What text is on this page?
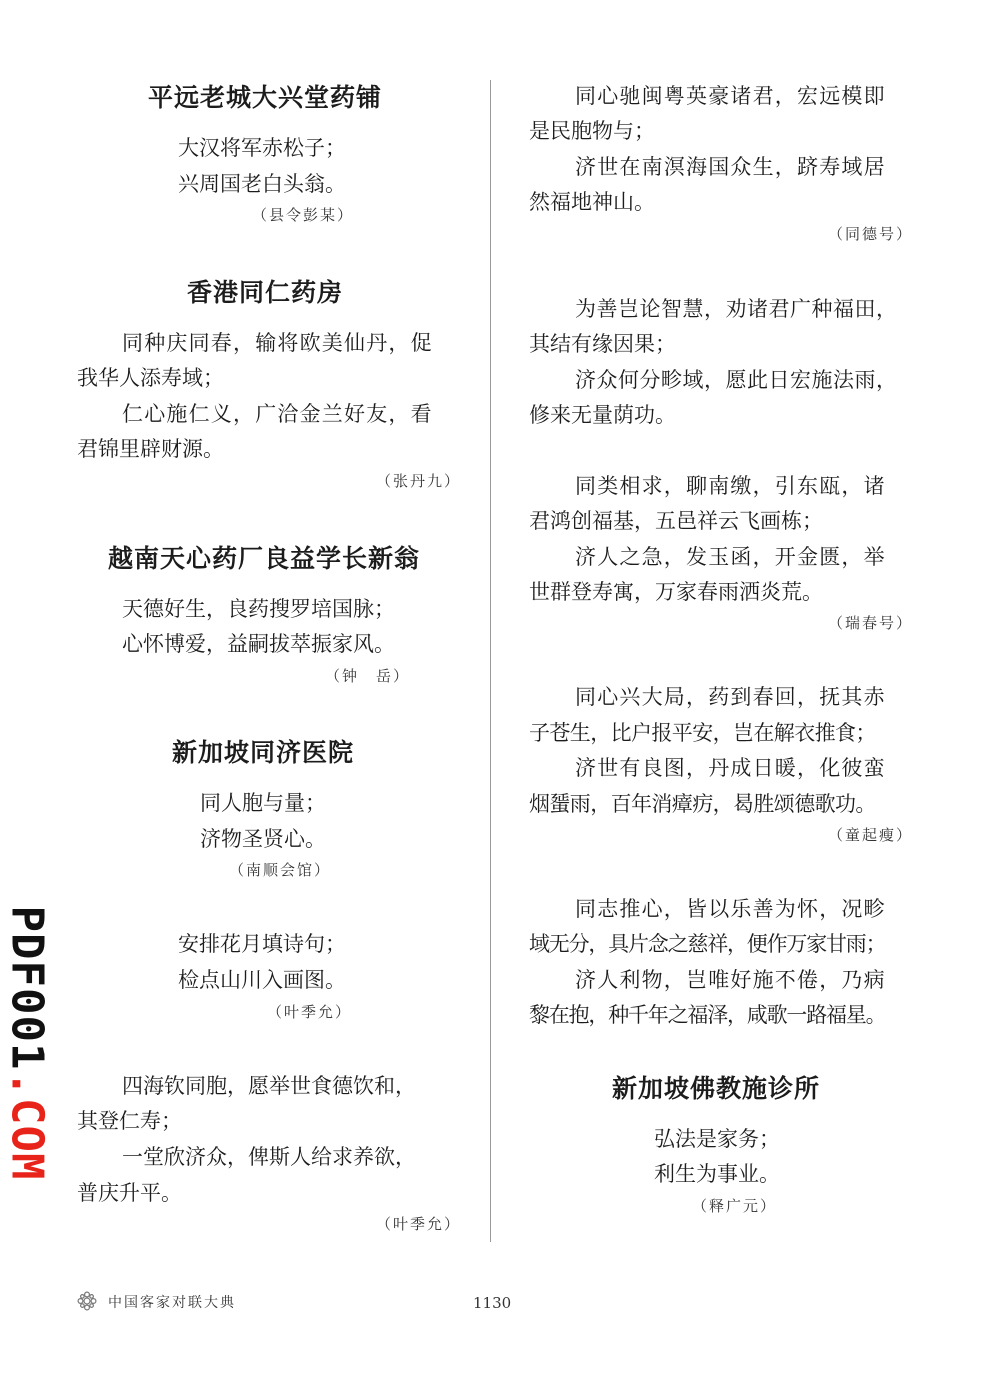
平远老城大兴堂药铺
大汉将军赤松子；
兴周国老白头翁。
（县令彭某）
香港同仁药房
同种庆同春，输将欧美仙丹，促
我华人添寿域；
仁心施仁义，广洽金兰好友，看
君锦里辟财源。
（张丹九）
越南天心药厂良益学长新翁
天德好生，良药搜罗培国脉；
心怀博爱，益嗣拔萃振家风。
（钟　岳）
新加坡同济医院
同人胞与量；
济物圣贤心。
（南顺会馆）
安排花月填诗句；
检点山川入画图。
（叶季允）
四海钦同胞，愿举世食德饮和，
其登仁寿；
一堂欣济众，俾斯人给求养欲，
普庆升平。
（叶季允）
同心驰闽粤英豪诸君，宏远模即
是民胞物与；
济世在南溟海国众生，跻寿域居
然福地神山。
（同德号）
为善岂论智慧，劝诸君广种福田，
其结有缘因果；
济众何分畛域，愿此日宏施法雨，
修来无量荫功。
同类相求，聊南缴，引东瓯，诸
君鸿创福基，五邑祥云飞画栋；
济人之急，发玉函，开金匮，举
世群登寿寓，万家春雨洒炎荒。
（瑞春号）
同心兴大局，药到春回，抚其赤
子苍生，比户报平安，岂在解衣推食；
济世有良图，丹成日暖，化彼蛮
烟蜑雨，百年消瘴疠，曷胜颂德歌功。
（童起瘦）
同志推心，皆以乐善为怀，况畛
域无分，具片念之慈祥，便作万家甘雨；
济人利物，岂唯好施不倦，乃病
黎在抱，种千年之福泽，咸歌一路福星。
新加坡佛教施诊所
弘法是家务；
利生为事业。
（释广元）
PDF001.COM
中国客家对联大典	1130
